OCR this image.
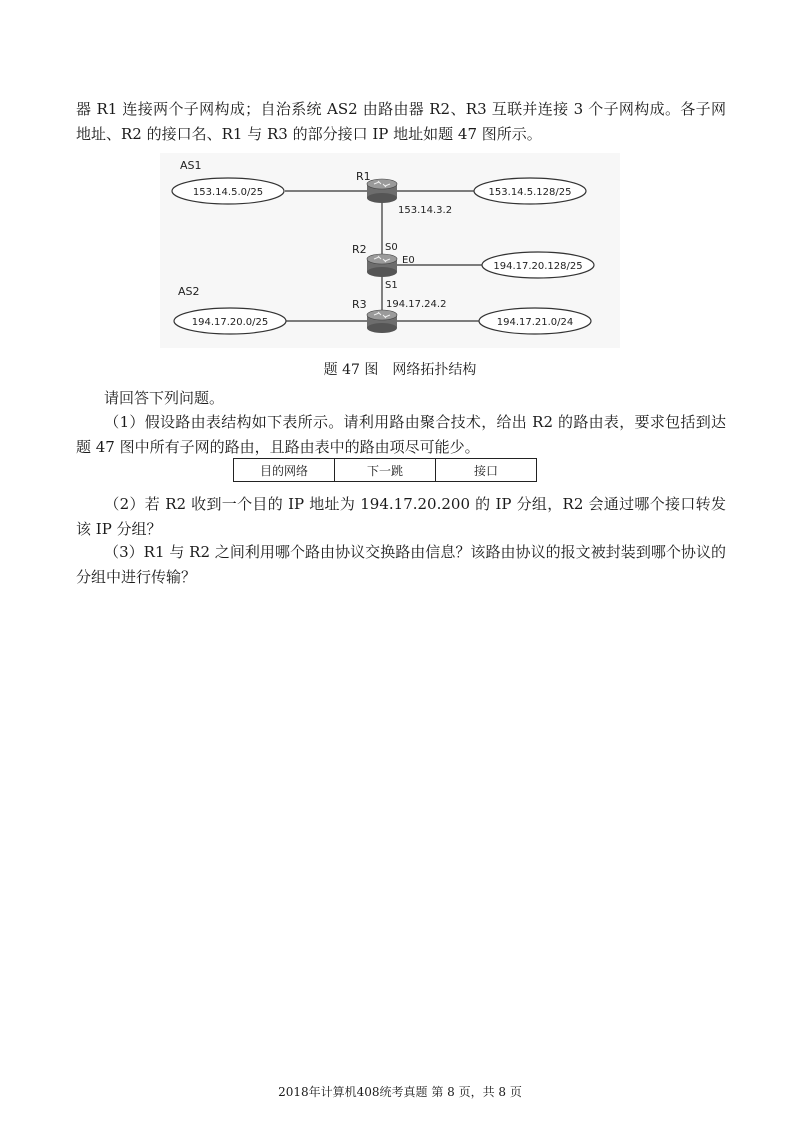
器 R1 连接两个子网构成；自治系统 AS2 由路由器 R2、R3 互联并连接 3 个子网构成。各子网地址、R2 的接口名、R1 与 R3 的部分接口 IP 地址如题 47 图所示。

AS1
AS2
153.14.5.0/25	153.14.5.128/25
194.17.20.128/25
194.17.20.0/25	194.17.21.0/24
R1
R2
R3
153.14.3.2
S0
E0
S1
194.17.24.2

题 47 图　网络拓扑结构

请回答下列问题。

（1）假设路由表结构如下表所示。请利用路由聚合技术，给出 R2 的路由表，要求包括到达题 47 图中所有子网的路由，且路由表中的路由项尽可能少。

目的网络	下一跳	接口

（2）若 R2 收到一个目的 IP 地址为 194.17.20.200 的 IP 分组，R2 会通过哪个接口转发该 IP 分组？

（3）R1 与 R2 之间利用哪个路由协议交换路由信息？该路由协议的报文被封装到哪个协议的分组中进行传输？

2018年计算机408统考真题 第 8 页，共 8 页
